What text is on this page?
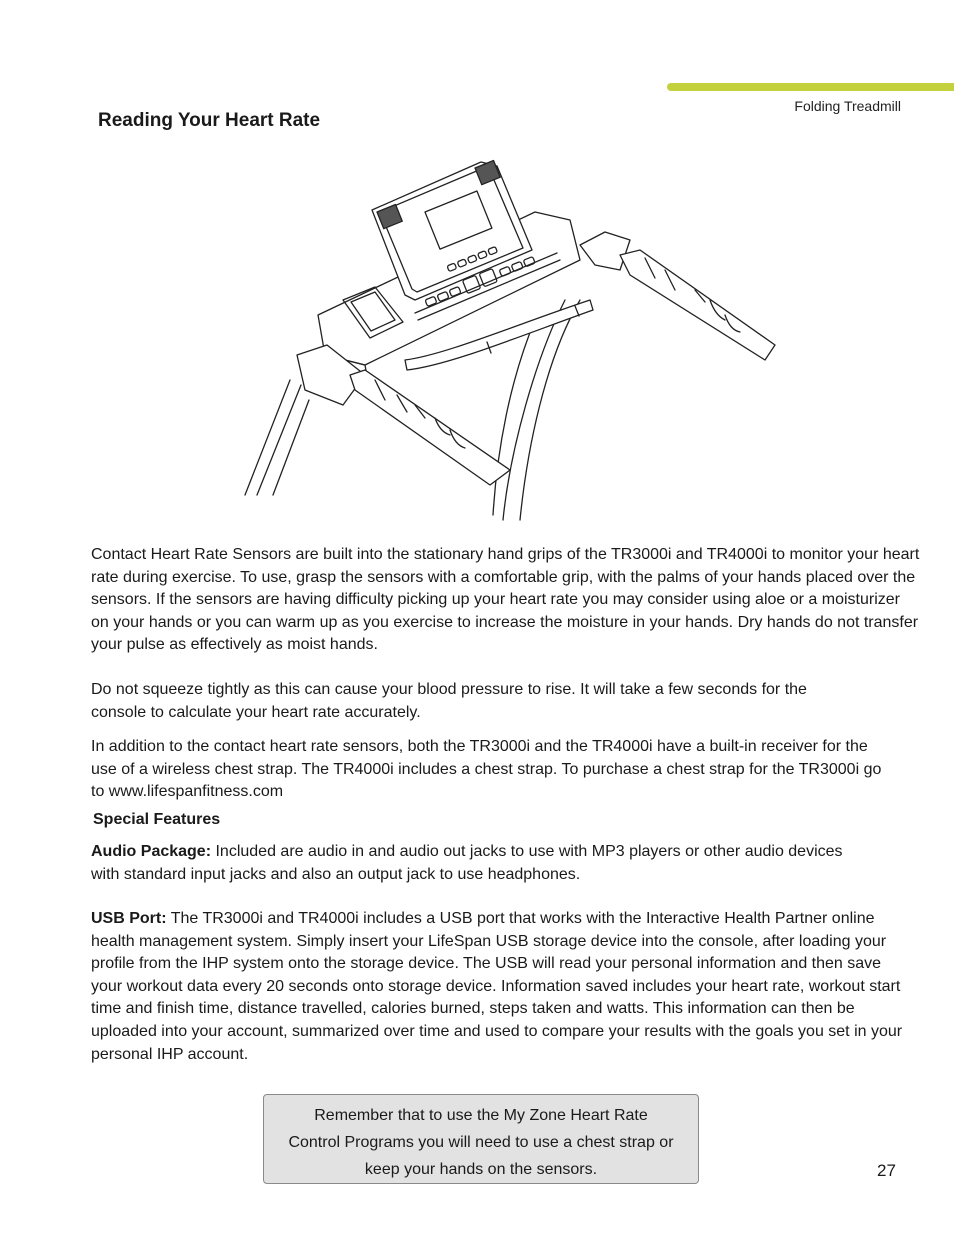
Folding Treadmill
Reading Your Heart Rate

Contact Heart Rate Sensors are built into the stationary hand grips of the TR3000i and TR4000i to monitor your heart rate during exercise. To use, grasp the sensors with a comfortable grip, with the palms of your hands placed over the sensors. If the sensors are having difficulty picking up your heart rate you may consider using aloe or a moisturizer on your hands or you can warm up as you exercise to increase the moisture in your hands. Dry hands do not transfer your pulse as effectively as moist hands.

Do not squeeze tightly as this can cause your blood pressure to rise. It will take a few seconds for the console to calculate your heart rate accurately.

In addition to the contact heart rate sensors, both the TR3000i and the TR4000i have a built-in receiver for the use of a wireless chest strap. The TR4000i includes a chest strap. To purchase a chest strap for the TR3000i go to www.lifespanfitness.com

Special Features

Audio Package: Included are audio in and audio out jacks to use with MP3 players or other audio devices with standard input jacks and also an output jack to use headphones.

USB Port: The TR3000i and TR4000i includes a USB port that works with the Interactive Health Partner online health management system. Simply insert your LifeSpan USB storage device into the console, after loading your profile from the IHP system onto the storage device. The USB will read your personal information and then save your workout data every 20 seconds onto storage device. Information saved includes your heart rate, workout start time and finish time, distance travelled, calories burned, steps taken and watts. This information can then be uploaded into your account, summarized over time and used to compare your results with the goals you set in your personal IHP account.

Remember that to use the My Zone Heart Rate

Control Programs you will need to use a chest strap or

keep your hands on the sensors.	27
